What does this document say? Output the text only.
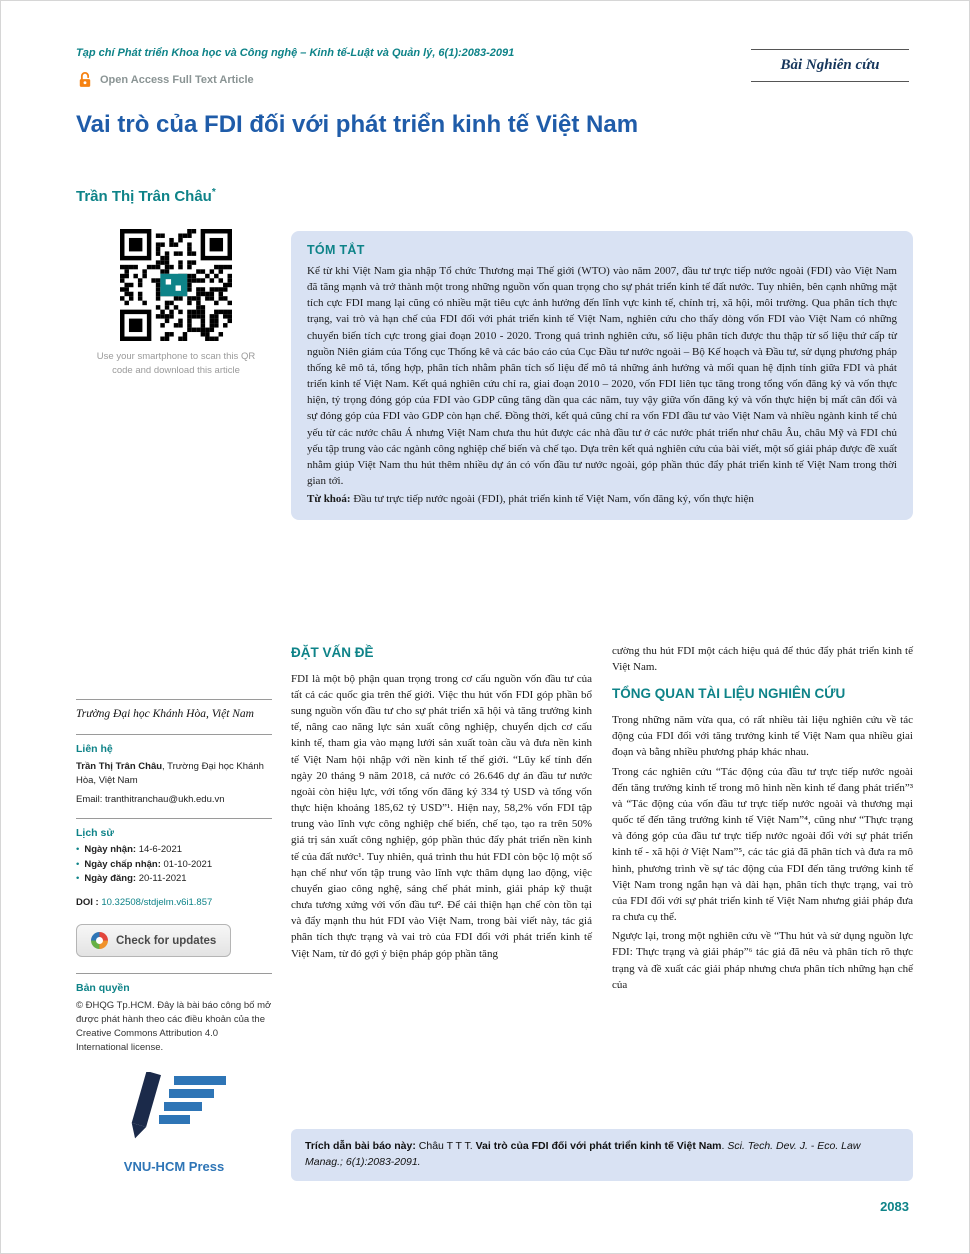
Tạp chí Phát triển Khoa học và Công nghệ – Kinh tế-Luật và Quản lý, 6(1):2083-2091
Open Access Full Text Article
Bài Nghiên cứu
Vai trò của FDI đối với phát triển kinh tế Việt Nam
Trần Thị Trân Châu*
Use your smartphone to scan this QR code and download this article
TÓM TẮT

Kể từ khi Việt Nam gia nhập Tổ chức Thương mại Thế giới (WTO) vào năm 2007, đầu tư trực tiếp nước ngoài (FDI) vào Việt Nam đã tăng mạnh và trở thành một trong những nguồn vốn quan trọng cho sự phát triển kinh tế đất nước. Tuy nhiên, bên cạnh những mặt tích cực FDI mang lại cũng có nhiều mặt tiêu cực ảnh hưởng đến lĩnh vực kinh tế, chính trị, xã hội, môi trường. Qua phân tích thực trạng, vai trò và hạn chế của FDI đối với phát triển kinh tế Việt Nam, nghiên cứu cho thấy dòng vốn FDI vào Việt Nam có những chuyển biến tích cực trong giai đoạn 2010 - 2020. Trong quá trình nghiên cứu, số liệu phân tích được thu thập từ số liệu thứ cấp từ nguồn Niên giám của Tổng cục Thống kê và các báo cáo của Cục Đầu tư nước ngoài – Bộ Kế hoạch và Đầu tư, sử dụng phương pháp thống kê mô tả, tổng hợp, phân tích nhằm phân tích số liệu để mô tả những ảnh hưởng và mối quan hệ định tính giữa FDI và phát triển kinh tế Việt Nam. Kết quả nghiên cứu chỉ ra, giai đoạn 2010 – 2020, vốn FDI liên tục tăng trong tổng vốn đăng ký và vốn thực hiện, tỷ trọng đóng góp của FDI vào GDP cũng tăng dần qua các năm, tuy vậy giữa vốn đăng ký và vốn thực hiện bị mất cân đối và sự đóng góp của FDI vào GDP còn hạn chế. Đồng thời, kết quả cũng chỉ ra vốn FDI đầu tư vào Việt Nam và nhiều ngành kinh tế chủ yếu từ các nước châu Á nhưng Việt Nam chưa thu hút được các nhà đầu tư ở các nước phát triển như châu Âu, châu Mỹ và FDI chủ yếu tập trung vào các ngành công nghiệp chế biến và chế tạo. Dựa trên kết quả nghiên cứu của bài viết, một số giải pháp được đề xuất nhằm giúp Việt Nam thu hút thêm nhiều dự án có vốn đầu tư nước ngoài, góp phần thúc đẩy phát triển kinh tế Việt Nam trong thời gian tới.

Từ khoá: Đầu tư trực tiếp nước ngoài (FDI), phát triển kinh tế Việt Nam, vốn đăng ký, vốn thực hiện

ĐẶT VẤN ĐỀ

FDI là một bộ phận quan trọng trong cơ cấu nguồn vốn đầu tư của tất cả các quốc gia trên thế giới. Việc thu hút vốn FDI góp phần bổ sung nguồn vốn đầu tư cho sự phát triển xã hội và tăng trưởng kinh tế, nâng cao năng lực sản xuất công nghiệp, chuyển dịch cơ cấu kinh tế, tham gia vào mạng lưới sản xuất toàn cầu và đưa nền kinh tế Việt Nam hội nhập với nền kinh tế thế giới. “Lũy kế tính đến ngày 20 tháng 9 năm 2018, cả nước có 26.646 dự án đầu tư nước ngoài còn hiệu lực, với tổng vốn đăng ký 334 tỷ USD và tổng vốn thực hiện khoảng 185,62 tỷ USD”¹. Hiện nay, 58,2% vốn FDI tập trung vào lĩnh vực công nghiệp chế biến, chế tạo, tạo ra trên 50% giá trị sản xuất công nghiệp, góp phần thúc đẩy phát triển nền kinh tế của đất nước¹. Tuy nhiên, quá trình thu hút FDI còn bộc lộ một số hạn chế như vốn tập trung vào lĩnh vực thâm dụng lao động, việc chuyển giao công nghệ, sáng chế phát minh, giải pháp kỹ thuật chưa tương xứng với vốn đầu tư². Để cải thiện hạn chế còn tồn tại và đẩy mạnh thu hút FDI vào Việt Nam, trong bài viết này, tác giả phân tích thực trạng và vai trò của FDI đối với phát triển kinh tế Việt Nam, từ đó gợi ý biện pháp góp phần tăng

cường thu hút FDI một cách hiệu quả để thúc đẩy phát triển kinh tế Việt Nam.

TỔNG QUAN TÀI LIỆU NGHIÊN CỨU

Trong những năm vừa qua, có rất nhiều tài liệu nghiên cứu về tác động của FDI đối với tăng trưởng kinh tế Việt Nam qua nhiều giai đoạn và bằng nhiều phương pháp khác nhau.

Trong các nghiên cứu “Tác động của đầu tư trực tiếp nước ngoài đến tăng trưởng kinh tế trong mô hình nền kinh tế đang phát triển”³ và “Tác động của vốn đầu tư trực tiếp nước ngoài và thương mại quốc tế đến tăng trưởng kinh tế Việt Nam”⁴, cũng như “Thực trạng và đóng góp của đầu tư trực tiếp nước ngoài đối với sự phát triển kinh tế - xã hội ở Việt Nam”⁵, các tác giả đã phân tích và đưa ra mô hình, phương trình về sự tác động của FDI đến tăng trưởng kinh tế Việt Nam trong ngắn hạn và dài hạn, phân tích thực trạng, vai trò của FDI đối với sự phát triển kinh tế Việt Nam nhưng giải pháp đưa ra chưa cụ thể.

Ngược lại, trong một nghiên cứu về “Thu hút và sử dụng nguồn lực FDI: Thực trạng và giải pháp”⁶ tác giả đã nêu và phân tích rõ thực trạng và đề xuất các giải pháp nhưng chưa phân tích những hạn chế của

Trường Đại học Khánh Hòa, Việt Nam
Liên hệ
Trần Thị Trân Châu, Trường Đại học Khánh Hòa, Việt Nam
Email: tranthitranchau@ukh.edu.vn
Lịch sử
• Ngày nhận: 14-6-2021
• Ngày chấp nhận: 01-10-2021
• Ngày đăng: 20-11-2021
DOI : 10.32508/stdjelm.v6i1.857
Check for updates
Bản quyền
© ĐHQG Tp.HCM. Đây là bài báo công bố mở được phát hành theo các điều khoản của the Creative Commons Attribution 4.0 International license.
VNU-HCM Press
Trích dẫn bài báo này: Châu T T T. Vai trò của FDI đối với phát triển kinh tế Việt Nam. Sci. Tech. Dev. J. - Eco. Law Manag.; 6(1):2083-2091.
2083
